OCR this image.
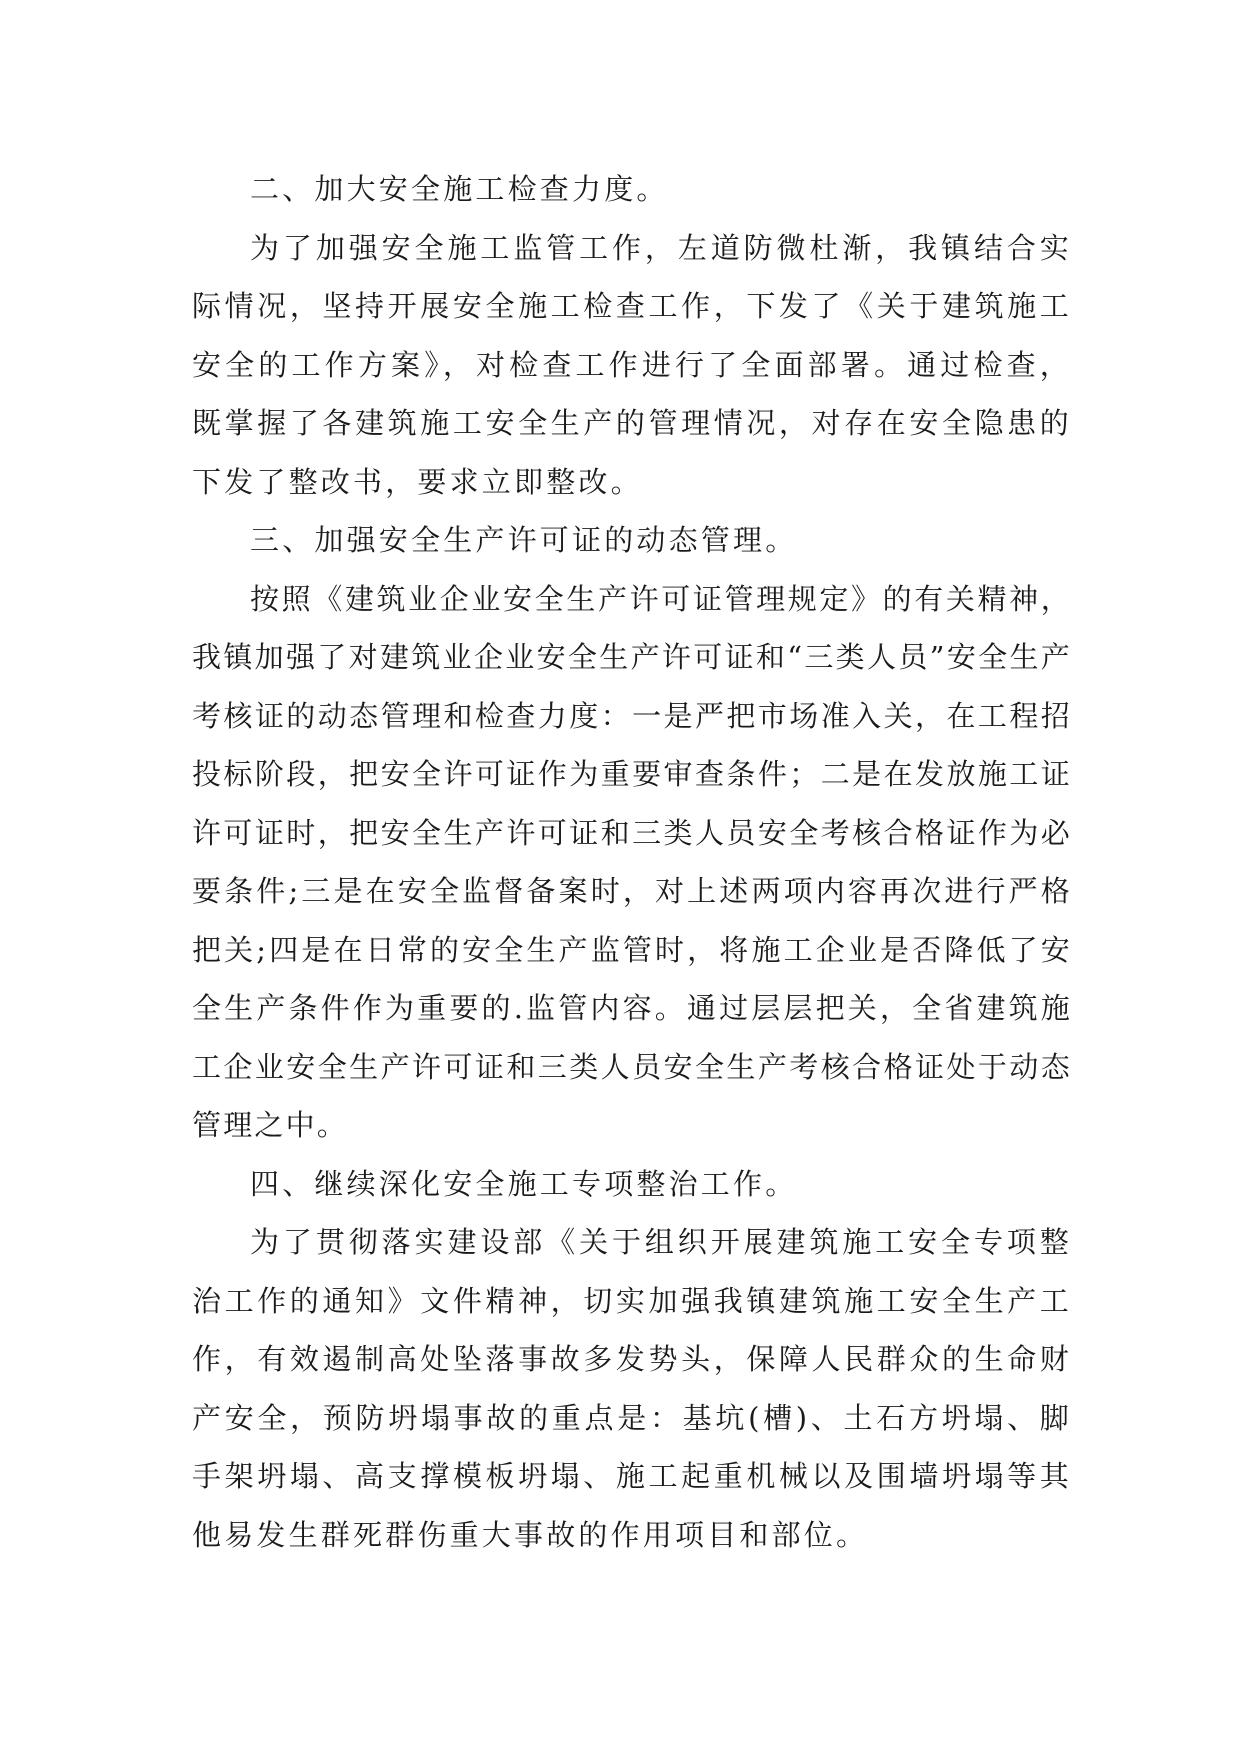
二、加大安全施工检查力度。

为了加强安全施工监管工作，左道防微杜渐，我镇结合实际情况，坚持开展安全施工检查工作，下发了《关于建筑施工安全的工作方案》，对检查工作进行了全面部署。通过检查，既掌握了各建筑施工安全生产的管理情况，对存在安全隐患的下发了整改书，要求立即整改。

三、加强安全生产许可证的动态管理。

按照《建筑业企业安全生产许可证管理规定》的有关精神，我镇加强了对建筑业企业安全生产许可证和“三类人员”安全生产考核证的动态管理和检查力度：一是严把市场准入关，在工程招投标阶段，把安全许可证作为重要审查条件；二是在发放施工证许可证时，把安全生产许可证和三类人员安全考核合格证作为必要条件;三是在安全监督备案时，对上述两项内容再次进行严格把关;四是在日常的安全生产监管时，将施工企业是否降低了安全生产条件作为重要的.监管内容。通过层层把关，全省建筑施工企业安全生产许可证和三类人员安全生产考核合格证处于动态管理之中。

四、继续深化安全施工专项整治工作。

为了贯彻落实建设部《关于组织开展建筑施工安全专项整治工作的通知》文件精神，切实加强我镇建筑施工安全生产工作，有效遏制高处坠落事故多发势头，保障人民群众的生命财产安全，预防坍塌事故的重点是：基坑(槽)、土石方坍塌、脚手架坍塌、高支撑模板坍塌、施工起重机械以及围墙坍塌等其他易发生群死群伤重大事故的作用项目和部位。
